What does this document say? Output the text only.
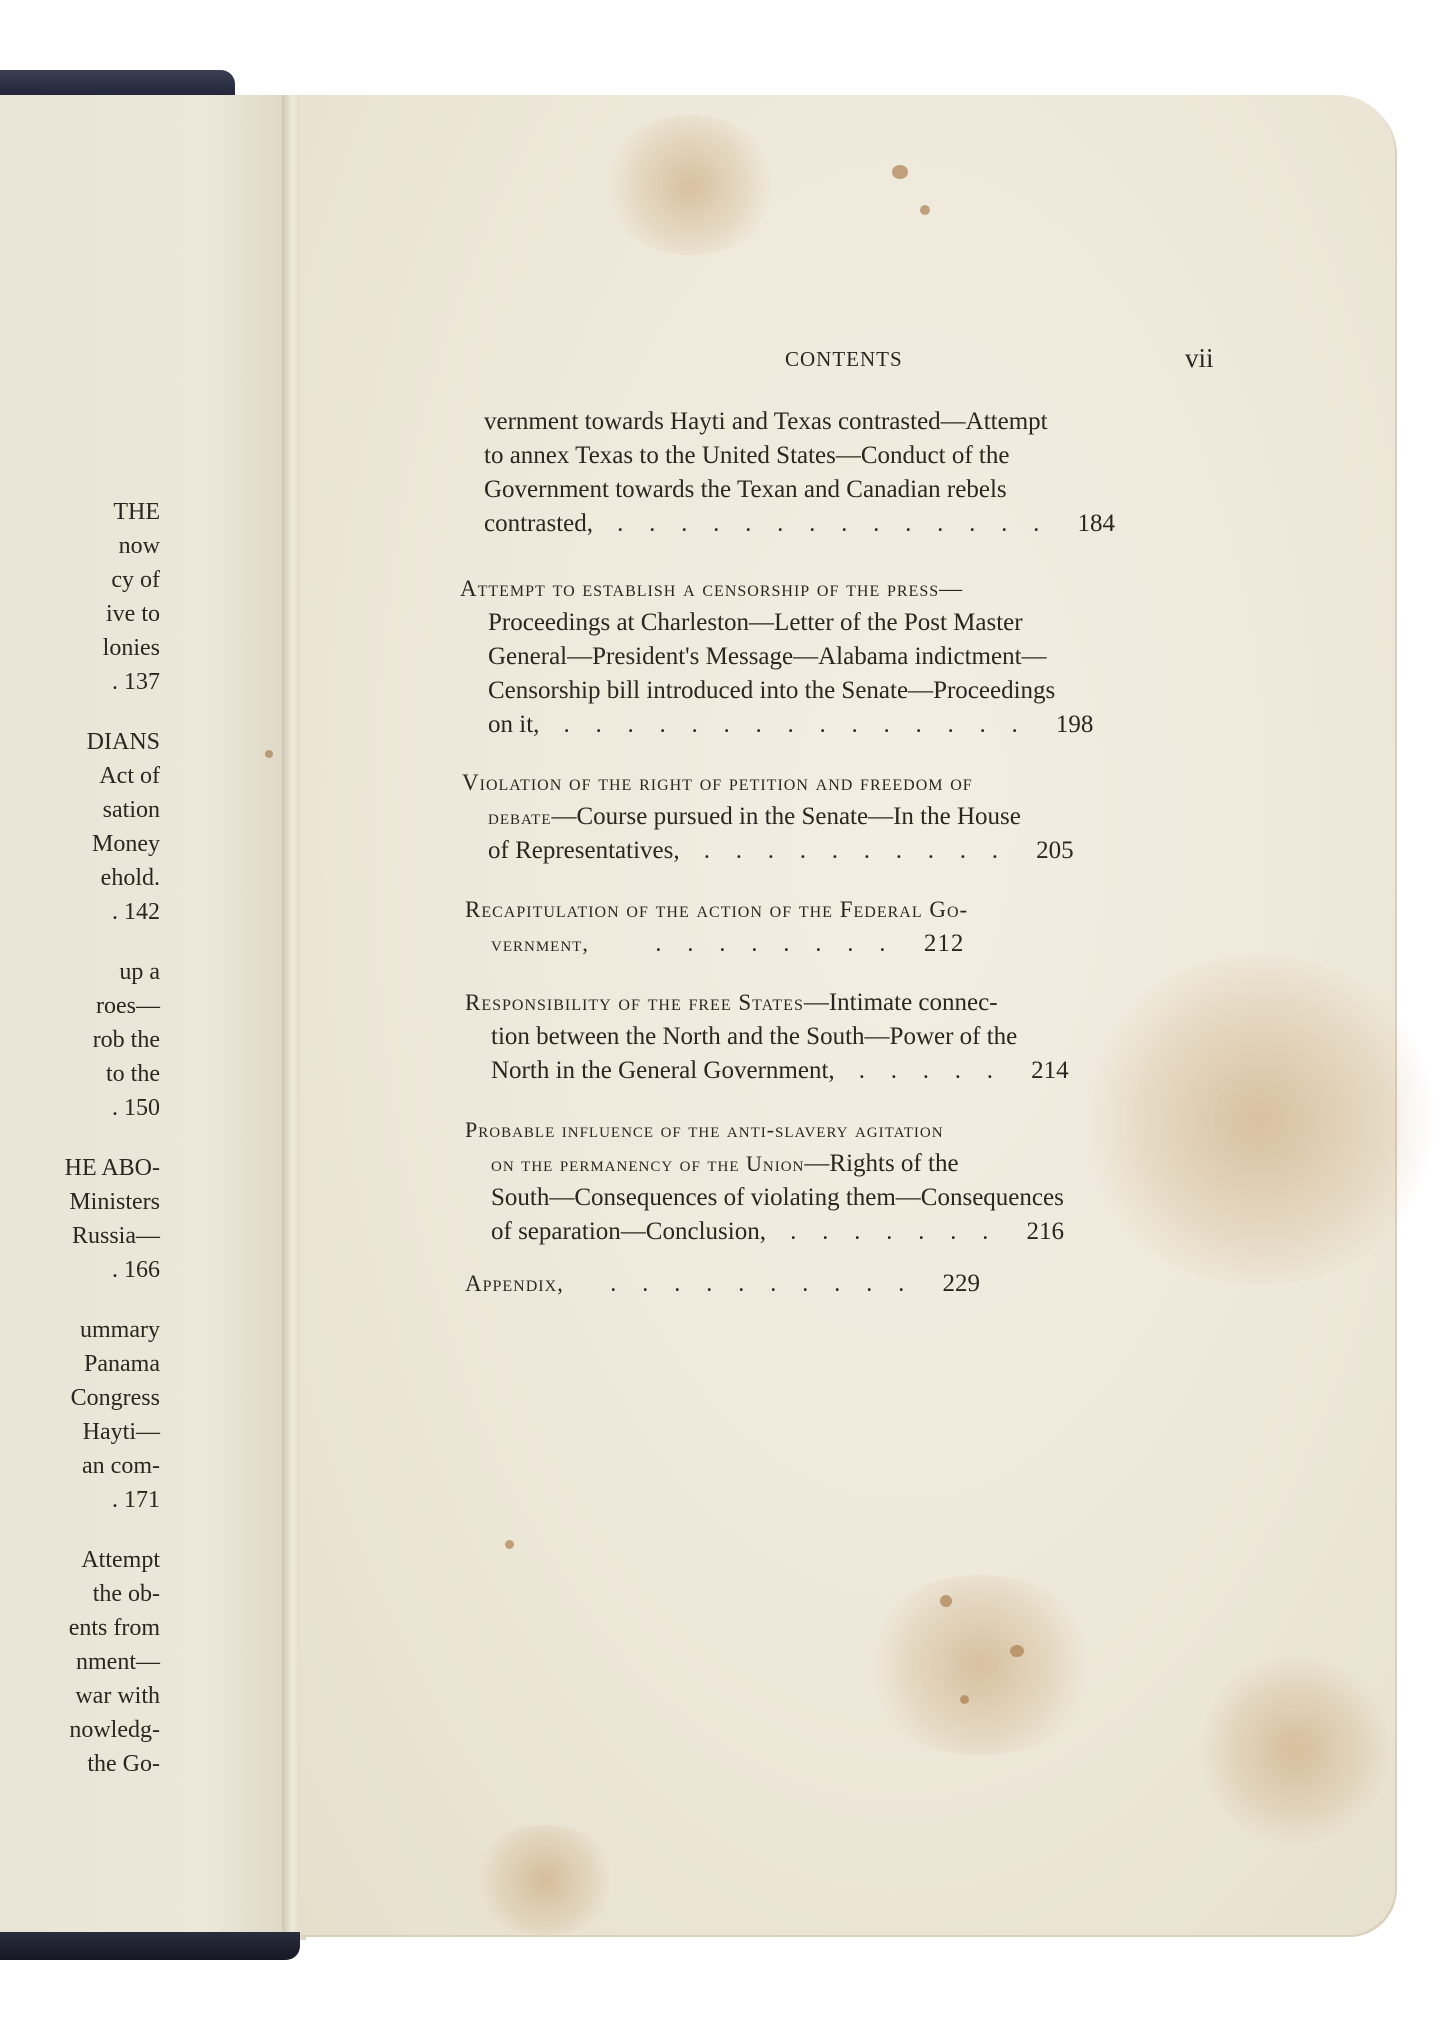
THE
now
cy of
ive to
lonies
. 137
DIANS
Act of
sation
Money
ehold.
. 142
up a
roes—
rob the
to the
. 150
HE ABO-
Ministers
Russia—
. 166
ummary
Panama
Congress
Hayti—
an com-
. 171
Attempt
the ob-
ents from
nment—
war with
nowledg-
the Go-
CONTENTS	vii
vernment towards Hayti and Texas contrasted—Attempt
to annex Texas to the United States—Conduct of the
Government towards the Texan and Canadian rebels
contrasted, .............. 184
Attempt to establish a censorship of the press—
Proceedings at Charleston—Letter of the Post Master
General—President's Message—Alabama indictment—
Censorship bill introduced into the Senate—Proceedings
on it, ............... 198
Violation of the right of petition and freedom of
debate—Course pursued in the Senate—In the House
of Representatives, .......... 205
Recapitulation of the action of the Federal Go-
vernment,	........ 212
Responsibility of the free States—Intimate connec-
tion between the North and the South—Power of the
North in the General Government, ..... 214
Probable influence of the anti-slavery agitation
on the permanency of the Union—Rights of the
South—Consequences of violating them—Consequences
of separation—Conclusion, ....... 216
Appendix, .......... 229
